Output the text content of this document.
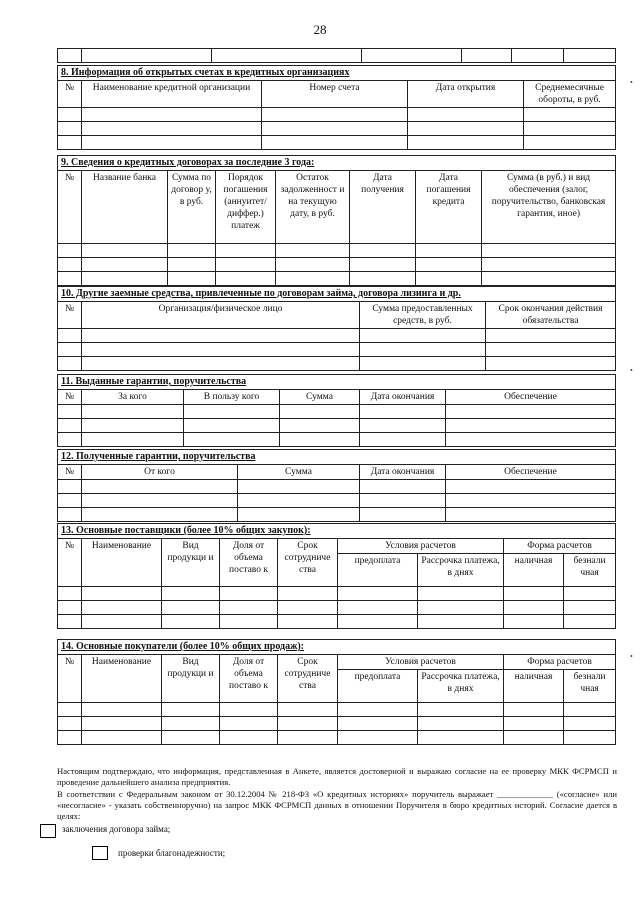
28

8. Информация об открытых счетах в кредитных организациях				
№	Наименование кредитной организации	Номер счета	Дата открытия	Среднемесячные обороты, в руб.

9. Сведения о кредитных договорах за последние 3 года:							
№	Название банка	Сумма по договор у, в руб.	Порядок погашения (аннуитет/ диффер.) платеж	Остаток задолженност и на текущую дату, в руб.	Дата получения	Дата погашения кредита	Сумма (в руб.) и вид обеспечения (залог, поручительство, банковская гарантия, иное)

10. Другие заемные средства, привлеченные по договорам займа, договора лизинга и др.			
№	Организация/физическое лицо	Сумма предоставленных средств, в руб.	Срок окончания действия обязательства

11. Выданные гарантии, поручительства					
№	За кого	В пользу кого	Сумма	Дата окончания	Обеспечение

12. Полученные гарантии, поручительства				
№	От кого	Сумма	Дата окончания	Обеспечение

13. Основные поставщики (более 10% общих закупок):								
№	Наименование	Вид продукци и	Доля от объема поставо к	Срок сотрудниче ства	Условия расчетов		Форма расчетов	
					предоплата	Рассрочка платежа, в днях	наличная	безнали чная

14. Основные покупатели (более 10% общих продаж):								
№	Наименование	Вид продукци и	Доля от объема поставо к	Срок сотрудниче ства	Условия расчетов		Форма расчетов	
					предоплата	Рассрочка платежа, в днях	наличная	безнали чная

Настоящим подтверждаю, что информация, представленная в Анкете, является достоверной и выражаю согласие на ее проверку МКК ФСРМСП и проведение дальнейшего анализа предприятия.
В соответствии с Федеральным законом от 30.12.2004 № 218-ФЗ «О кредитных историях» поручитель выражает _____________ («согласие» или «несогласие» - указать собственноручно) на запрос МКК ФСРМСП данных в отношении Поручителя в бюро кредитных историй. Согласие дается в целях:
заключения договора займа;
проверки благонадежности;
•
•
•
